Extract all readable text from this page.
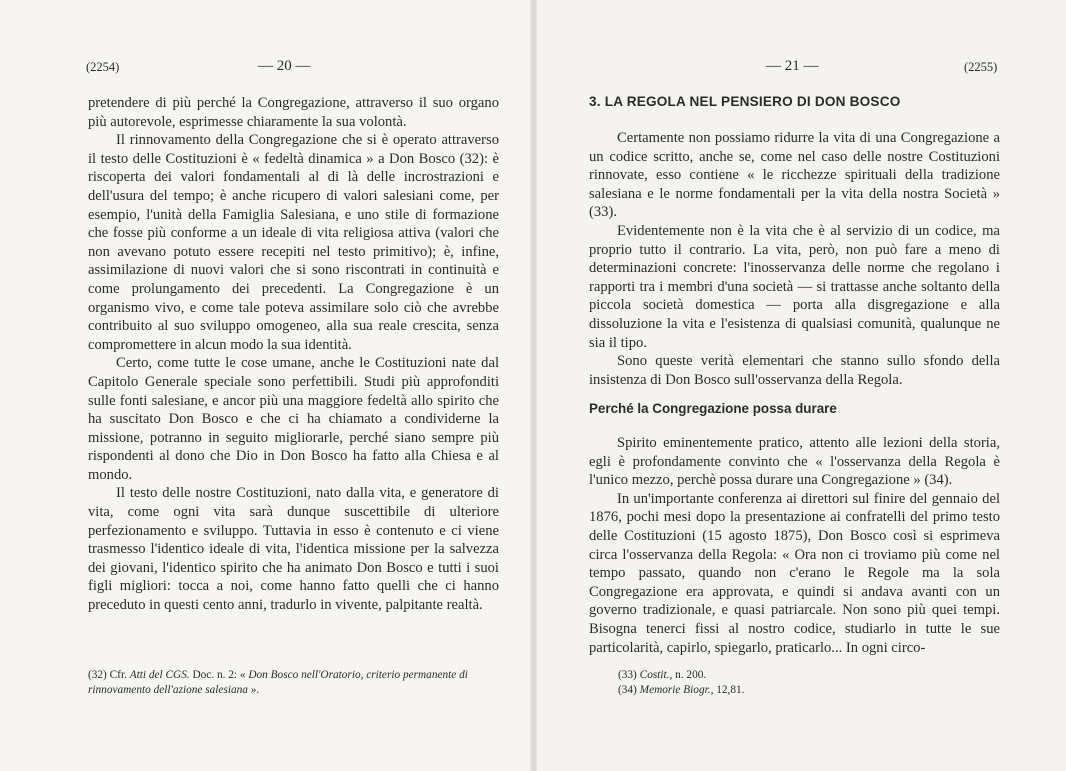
(2254)	— 20 —

pretendere di più perché la Congregazione, attraverso il suo organo più autorevole, esprimesse chiaramente la sua volontà.

Il rinnovamento della Congregazione che si è operato attraverso il testo delle Costituzioni è « fedeltà dinamica » a Don Bosco (32): è riscoperta dei valori fondamentali al di là delle incrostrazioni e dell'usura del tempo; è anche ricupero di valori salesiani come, per esempio, l'unità della Famiglia Salesiana, e uno stile di formazione che fosse più conforme a un ideale di vita religiosa attiva (valori che non avevano potuto essere recepiti nel testo primitivo); è, infine, assimilazione di nuovi valori che si sono riscontrati in continuità e come prolungamento dei precedenti. La Congregazione è un organismo vivo, e come tale poteva assimilare solo ciò che avrebbe contribuito al suo sviluppo omogeneo, alla sua reale crescita, senza compromettere in alcun modo la sua identità.

Certo, come tutte le cose umane, anche le Costituzioni nate dal Capitolo Generale speciale sono perfettibili. Studi più approfonditi sulle fonti salesiane, e ancor più una maggiore fedeltà allo spirito che ha suscitato Don Bosco e che ci ha chiamato a condividerne la missione, potranno in seguito migliorarle, perché siano sempre più rispondenti al dono che Dio in Don Bosco ha fatto alla Chiesa e al mondo.

Il testo delle nostre Costituzioni, nato dalla vita, e generatore di vita, come ogni vita sarà dunque suscettibile di ulteriore perfezionamento e sviluppo. Tuttavia in esso è contenuto e ci viene trasmesso l'identico ideale di vita, l'identica missione per la salvezza dei giovani, l'identico spirito che ha animato Don Bosco e tutti i suoi figli migliori: tocca a noi, come hanno fatto quelli che ci hanno preceduto in questi cento anni, tradurlo in vivente, palpitante realtà.

(32) Cfr. Atti del CGS. Doc. n. 2: « Don Bosco nell'Oratorio, criterio permanente di rinnovamento dell'azione salesiana ».
— 21 —	(2255)
3. LA REGOLA NEL PENSIERO DI DON BOSCO

Certamente non possiamo ridurre la vita di una Congregazione a un codice scritto, anche se, come nel caso delle nostre Costituzioni rinnovate, esso contiene « le ricchezze spirituali della tradizione salesiana e le norme fondamentali per la vita della nostra Società » (33).

Evidentemente non è la vita che è al servizio di un codice, ma proprio tutto il contrario. La vita, però, non può fare a meno di determinazioni concrete: l'inosservanza delle norme che regolano i rapporti tra i membri d'una società — si trattasse anche soltanto della piccola società domestica — porta alla disgregazione e alla dissoluzione la vita e l'esistenza di qualsiasi comunità, qualunque ne sia il tipo.

Sono queste verità elementari che stanno sullo sfondo della insistenza di Don Bosco sull'osservanza della Regola.

Perché la Congregazione possa durare

Spirito eminentemente pratico, attento alle lezioni della storia, egli è profondamente convinto che « l'osservanza della Regola è l'unico mezzo, perchè possa durare una Congregazione » (34).

In un'importante conferenza ai direttori sul finire del gennaio del 1876, pochi mesi dopo la presentazione ai confratelli del primo testo delle Costituzioni (15 agosto 1875), Don Bosco così si esprimeva circa l'osservanza della Regola: « Ora non ci troviamo più come nel tempo passato, quando non c'erano le Regole ma la sola Congregazione era approvata, e quindi si andava avanti con un governo tradizionale, e quasi patriarcale. Non sono più quei tempi. Bisogna tenerci fissi al nostro codice, studiarlo in tutte le sue particolarità, capirlo, spiegarlo, praticarlo... In ogni circo-

(33) Costit., n. 200.
(34) Memorie Biogr., 12,81.
